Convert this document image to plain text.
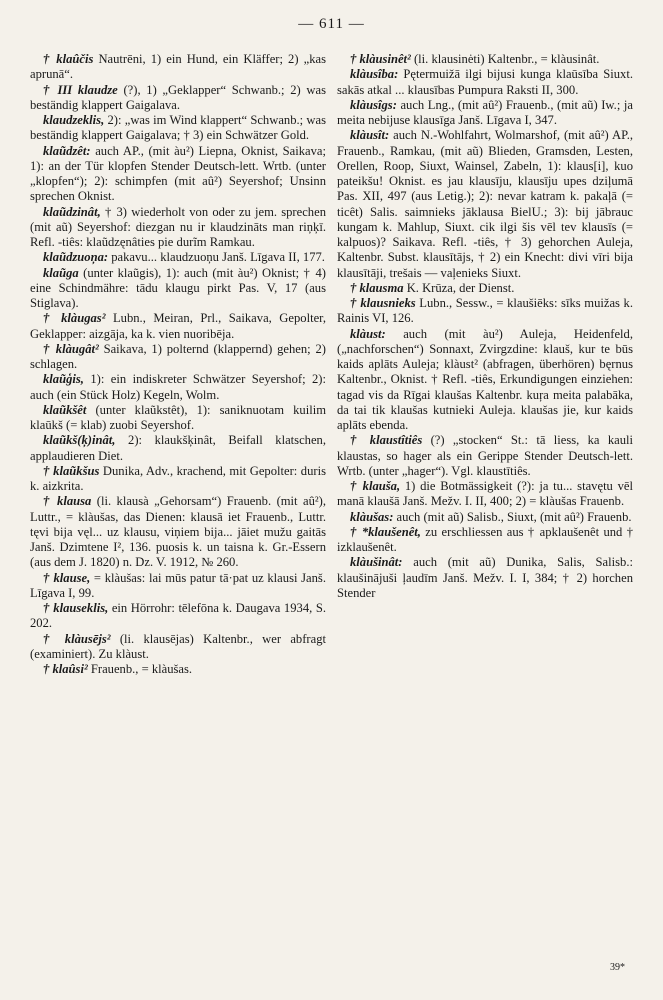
— 611 —

† klaûčis Nautrēni, 1) ein Hund, ein Kläffer; 2) „kas aprunā“.

† III klaudze (?), 1) „Geklapper“ Schwanb.; 2) was beständig klappert Gaigalava.

klaudzeklis, 2): „was im Wind klappert“ Schwanb.; was beständig klappert Gaigalava; † 3) ein Schwätzer Gold.

klaũdzêt: auch AP., (mit àu²) Liepna, Oknist, Saikava; 1): an der Tür klopfen Stender Deutsch-lett. Wrtb. (unter „klopfen“); 2): schimpfen (mit aû²) Seyershof; Unsinn sprechen Oknist.

klaũdzinât, † 3) wiederholt von oder zu jem. sprechen (mit aũ) Seyershof: diezgan nu ir klaudzināts man riņķī. Refl. -tiês: klaũdzęnâties pie durĩm Ramkau.

klaũdzuoņa: pakavu... klaudzuoņu Janš. Līgava II, 177.

klaũga (unter klaũgis), 1): auch (mit àu²) Oknist; † 4) eine Schindmähre: tādu klaugu pirkt Pas. V, 17 (aus Stiglava).

† klàugas² Lubn., Meiran, Prl., Saikava, Gepolter, Geklapper: aizgāja, ka k. vien nuoribēja.

† klàugât² Saikava, 1) polternd (klappernd) gehen; 2) schlagen.

klaũģis, 1): ein indiskreter Schwätzer Seyershof; 2): auch (ein Stück Holz) Kegeln, Wolm.

klaũkšêt (unter klaũkstêt), 1): saniknuotam kuilim klaūkš (= klab) zuobi Seyershof.

klaũkš(ķ)inât, 2): klaukšķinât, Beifall klatschen, applaudieren Diet.

† klaũkšus Dunika, Adv., krachend, mit Gepolter: duris k. aizkrita.

† klausa (li. klausà „Gehorsam“) Frauenb. (mit aû²), Luttr., = klàušas, das Dienen: klausā iet Frauenb., Luttr. tęvi bija vęl... uz klausu, viņiem bija... jāiet mužu gaitās Janš. Dzimtene I², 136. puosis k. un taisna k. Gr.-Essern (aus dem J. 1820) n. Dz. V. 1912, № 260.

† klause, = klàušas: lai mūs patur tā·pat uz klausi Janš. Līgava I, 99.

† klauseklis, ein Hörrohr: tēlefōna k. Daugava 1934, S. 202.

† klàusējs² (li. klausējas) Kaltenbr., wer abfragt (examiniert). Zu klàust.

† klaûsi² Frauenb., = klàušas.

† klàusinêt² (li. klausinėti) Kaltenbr., = klàusinât.

klàusîba: Pętermuižā ilgi bijusi kunga klaūsība Siuxt. sakās atkal ... klausības Pumpura Raksti II, 300.

klàusîgs: auch Lng., (mit aû²) Frauenb., (mit aũ) Iw.; ja meita nebijuse klausīga Janš. Līgava I, 347.

klàusît: auch N.-Wohlfahrt, Wolmarshof, (mit aû²) AP., Frauenb., Ramkau, (mit aũ) Blieden, Gramsden, Lesten, Orellen, Roop, Siuxt, Wainsel, Zabeln, 1): klaus[i], kuo pateikšu! Oknist. es jau klausīju, klausīju upes dziļumā Pas. XII, 497 (aus Letig.); 2): nevar katram k. pakaļā (= ticêt) Salis. saimnieks jāklausa BielU.; 3): bij jābrauc kungam k. Mahlup, Siuxt. cik ilgi šis vēl tev klausīs (= kalpuos)? Saikava. Refl. -tiês, † 3) gehorchen Auleja, Kaltenbr. Subst. klausītājs, † 2) ein Knecht: divi vīri bija klausītāji, trešais — vaļenieks Siuxt.

† klausma K. Krūza, der Dienst.

† klausnieks Lubn., Sessw., = klaušiēks: sīks muižas k. Rainis VI, 126.

klàust: auch (mit àu²) Auleja, Heidenfeld, („nachforschen“) Sonnaxt, Zvirgzdine: klauš, kur te būs kaids aplāts Auleja; klàust² (abfragen, überhören) bęrnus Kaltenbr., Oknist. † Refl. -tiês, Erkundigungen einziehen: tagad vis da Rīgai klaušas Kaltenbr. kuŗa meita palabāka, da tai tik klaušas kutnieki Auleja. klaušas jie, kur kaids aplāts ebenda.

† klaustîtiês (?) „stocken“ St.: tā liess, ka kauli klaustas, so hager als ein Gerippe Stender Deutsch-lett. Wrtb. (unter „hager“). Vgl. klaustītiês.

† klauša, 1) die Botmässigkeit (?): ja tu... stavętu vēl manā klaušā Janš. Mežv. I. II, 400; 2) = klàušas Frauenb.

klàušas: auch (mit aũ) Salisb., Siuxt, (mit aû²) Frauenb.

† *klaušenêt, zu erschliessen aus † apklaušenêt und † izklaušenêt.

klàušinât: auch (mit aũ) Dunika, Salis, Salisb.: klaušinājuši ļaudīm Janš. Mežv. I. I, 384; † 2) horchen Stender

39*
